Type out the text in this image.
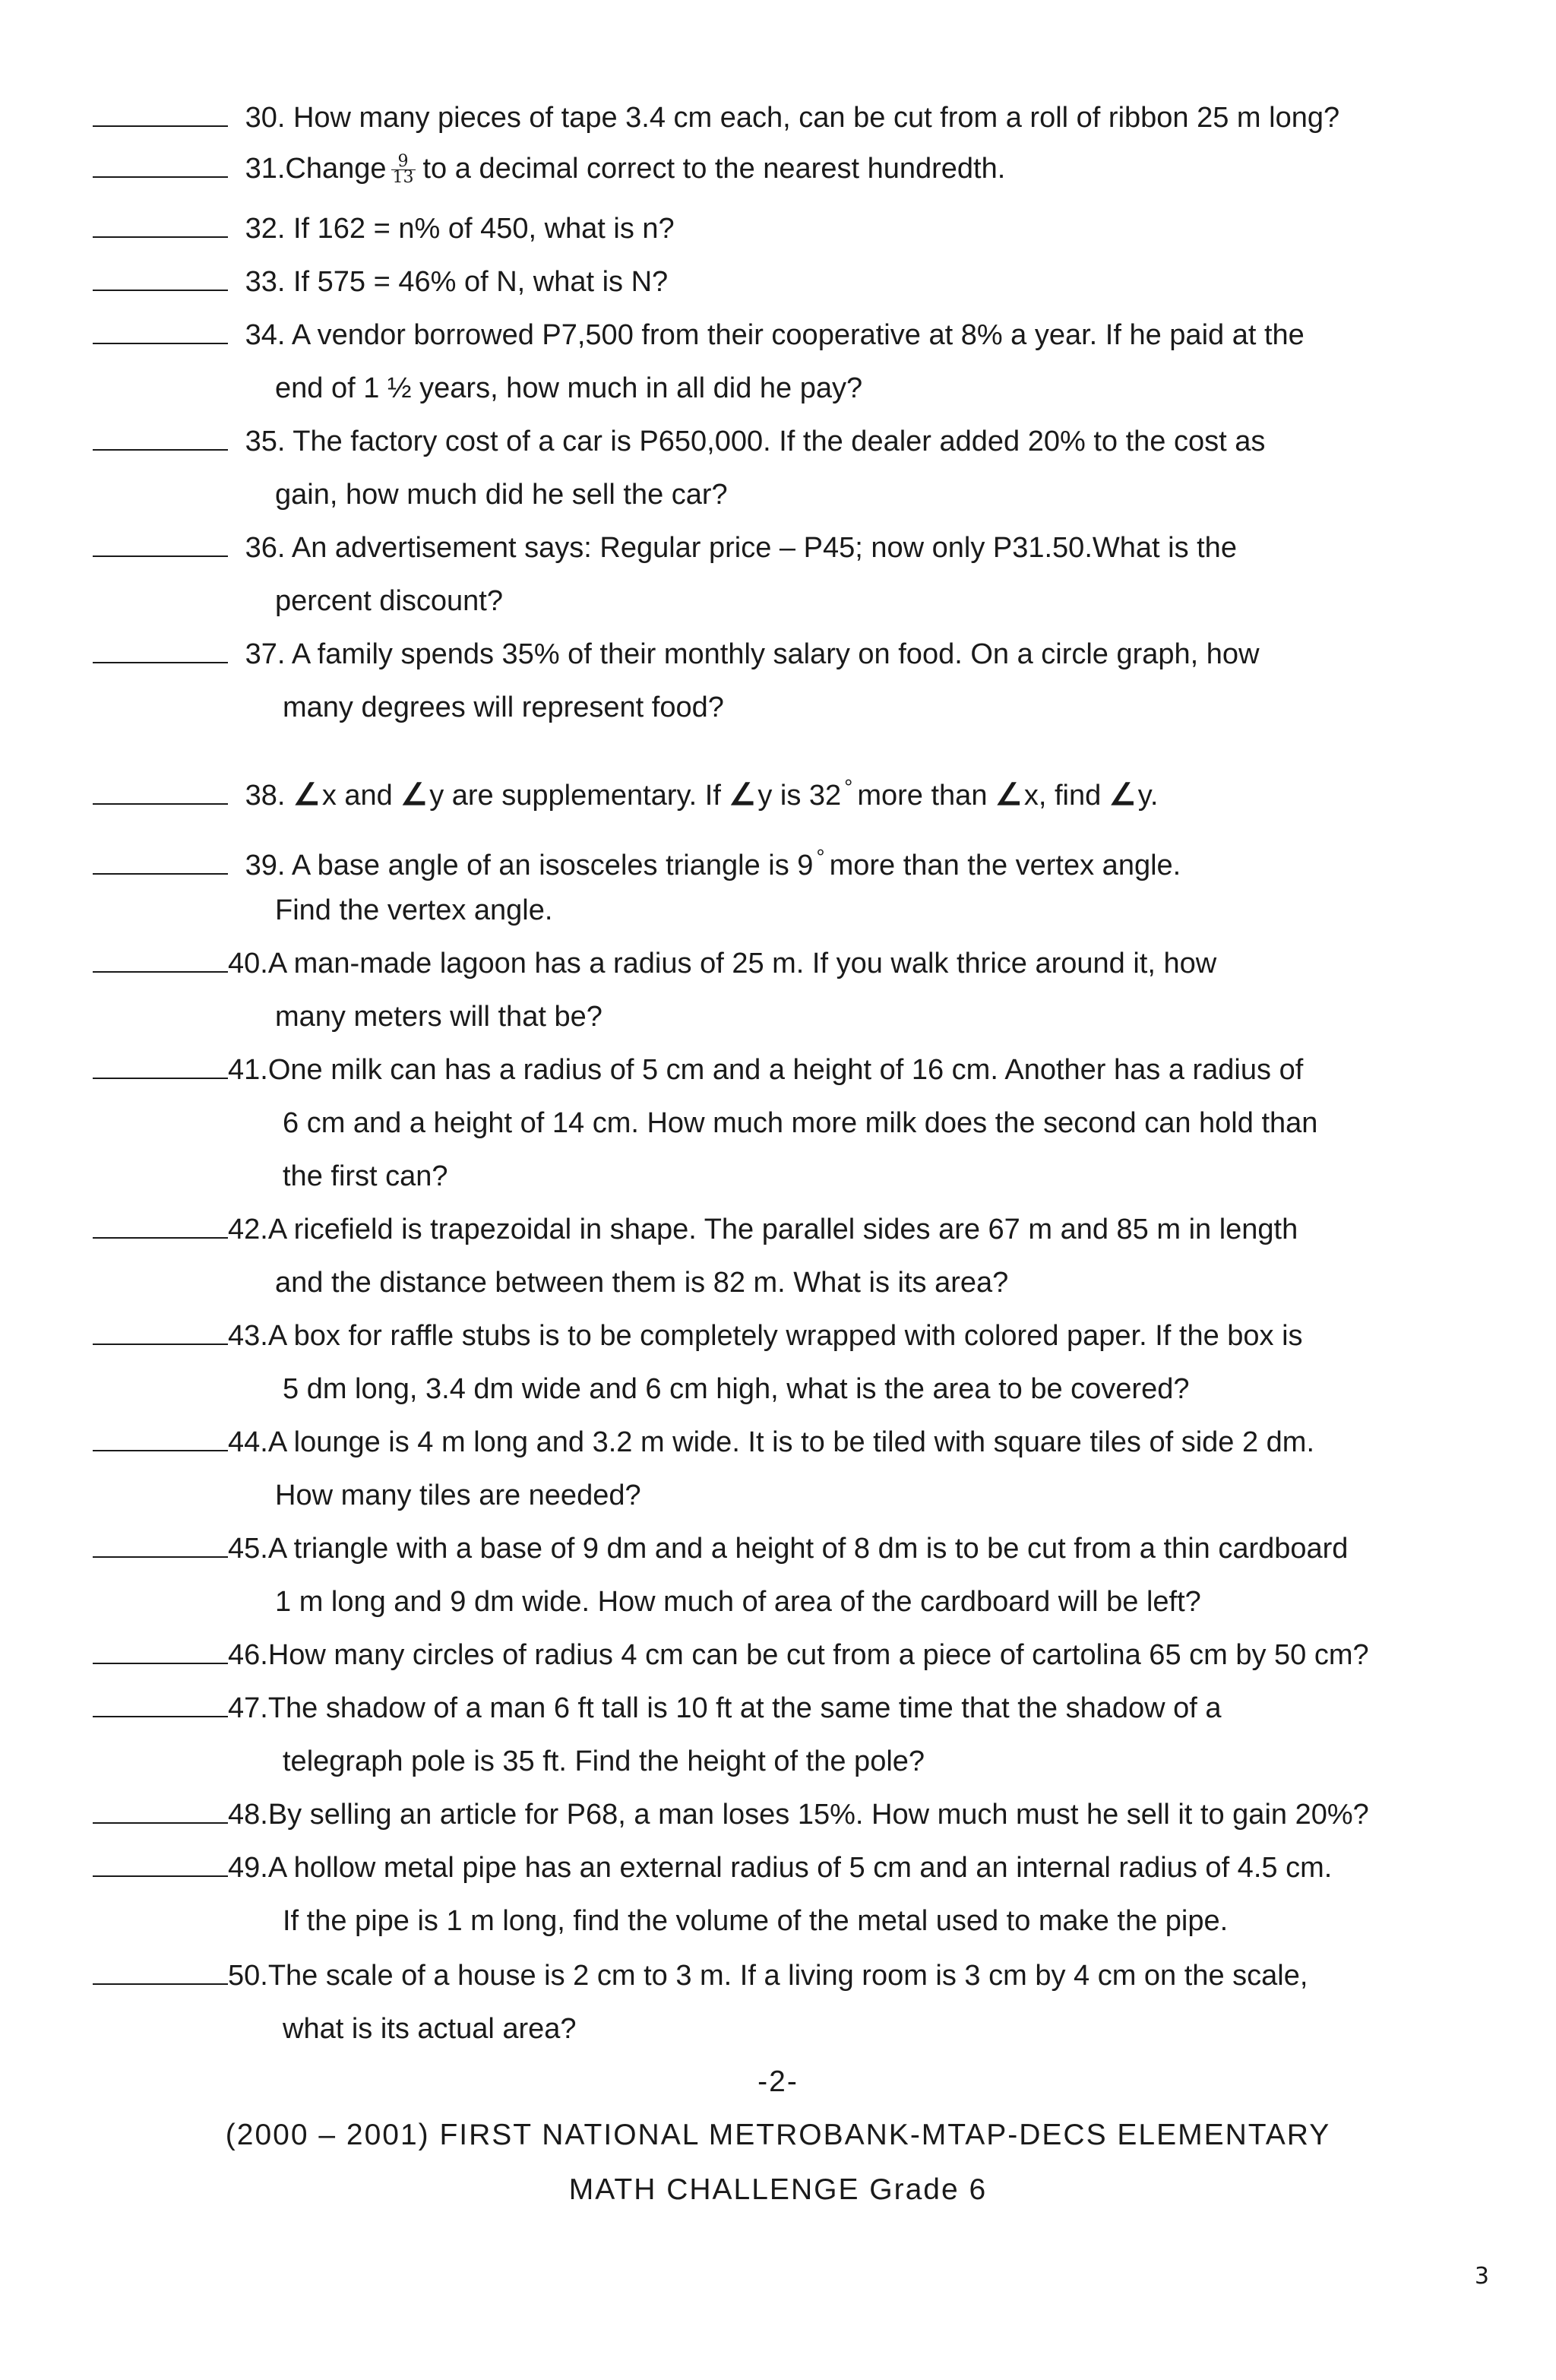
30. How many pieces of tape 3.4 cm each, can be cut from a roll of ribbon 25 m long?
31.Change $\frac{9}{13}$ to a decimal correct to the nearest hundredth.
32. If 162 = n% of 450, what is n?
33. If 575 = 46% of N, what is N?
34. A vendor borrowed P7,500 from their cooperative at 8% a year. If he paid at the
end of 1 ½ years, how much in all did he pay?
35. The factory cost of a car is P650,000. If the dealer added 20% to the cost as
gain, how much did he sell the car?
36. An advertisement says: Regular price – P45; now only P31.50.What is the
percent discount?
37. A family spends 35% of their monthly salary on food. On a circle graph, how
many degrees will represent food?
38. ∠x and ∠y are supplementary. If ∠y is 32 ° more than ∠x, find ∠y.
39. A base angle of an isosceles triangle is 9 ° more than the vertex angle.
Find the vertex angle.
40.A man-made lagoon has a radius of 25 m. If you walk thrice around it, how
many meters will that be?
41.One milk can has a radius of 5 cm and a height of 16 cm. Another has a radius of
6 cm and a height of 14 cm. How much more milk does the second can hold than
the first can?
42.A ricefield is trapezoidal in shape. The parallel sides are 67 m and 85 m in length
and the distance between them is 82 m. What is its area?
43.A box for raffle stubs is to be completely wrapped with colored paper. If the box is
5 dm long, 3.4 dm wide and 6 cm high, what is the area to be covered?
44.A lounge is 4 m long and 3.2 m wide. It is to be tiled with square tiles of side 2 dm.
How many tiles are needed?
45.A triangle with a base of 9 dm and a height of 8 dm is to be cut from a thin cardboard
1 m long and 9 dm wide. How much of area of the cardboard will be left?
46.How many circles of radius 4 cm can be cut from a piece of cartolina 65 cm by 50 cm?
47.The shadow of a man 6 ft tall is 10 ft at the same time that the shadow of a
telegraph pole is 35 ft. Find the height of the pole?
48.By selling an article for P68, a man loses 15%. How much must he sell it to gain 20%?
49.A hollow metal pipe has an external radius of 5 cm and an internal radius of 4.5 cm.
If the pipe is 1 m long, find the volume of the metal used to make the pipe.
50.The scale of a house is 2 cm to 3 m. If a living room is 3 cm by 4 cm on the scale,
what is its actual area?
-2-
(2000 – 2001) FIRST NATIONAL METROBANK-MTAP-DECS ELEMENTARY
MATH CHALLENGE Grade 6
3
